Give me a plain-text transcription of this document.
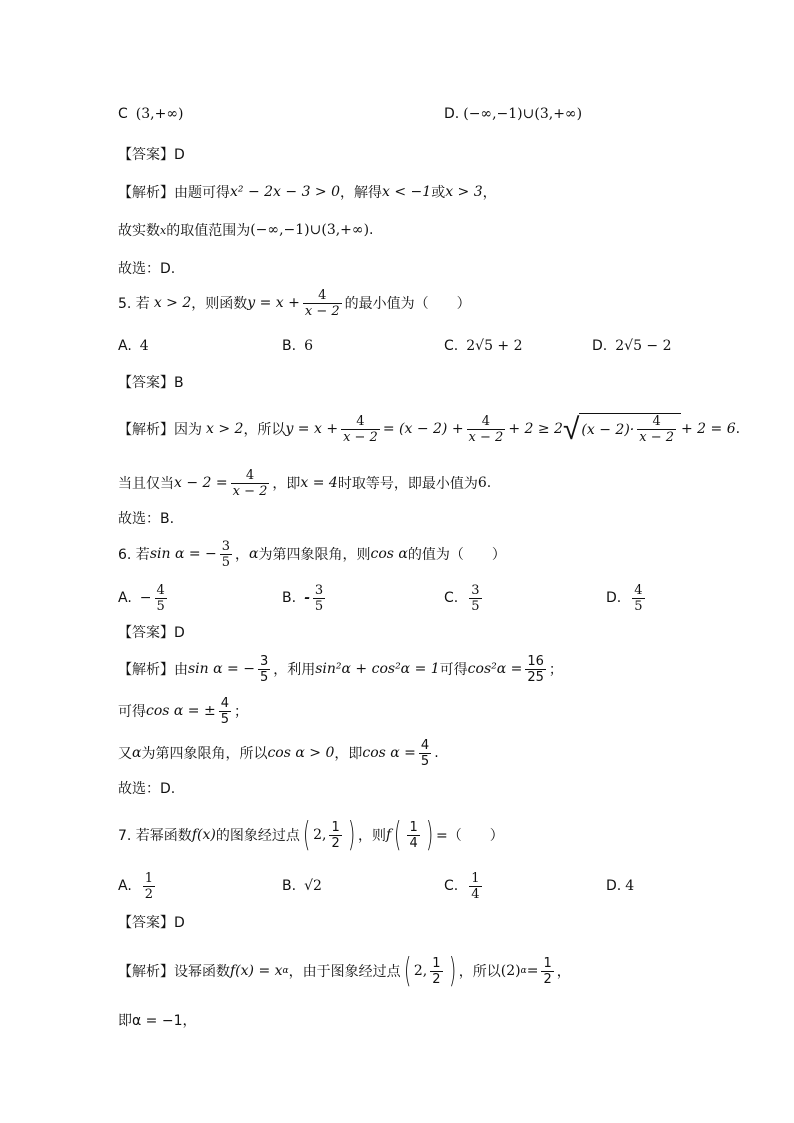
C (3,+∞)	D. (−∞,−1)∪(3,+∞)
【答案】D
【解析】 由题可得 x² − 2x − 3 > 0 ，解得 x < −1 或 x > 3 ，
故实数 x 的取值范围为 (−∞,−1)∪(3,+∞) .
故选：D.
5. 若 x > 2 ，则函数 $y = x + \frac{4}{x - 2}$ 的最小值为（　　）
A. 4	B. 6	C. 2√5 + 2	D. 2√5 − 2
【答案】B
【解析】 因为 x > 2 ，所以 $y = x + \frac{4}{x - 2} = (x - 2) + \frac{4}{x - 2} + 2 \ge 2$ √ $(x - 2)\cdot \frac{4}{x - 2} + 2 = 6$ .
当且仅当 $x - 2 = \frac{4}{x - 2}$ ，即 x = 4 时取等号，即最小值为 6 .
故选：B.
6. 若 sin α = − $\frac{3}{5}$ ， α 为第四象限角，则 cos α 的值为（　　）
A. − $\frac{4}{5}$	B. - $\frac{3}{5}$	C. $\frac{3}{5}$	D. $\frac{4}{5}$
【答案】D
【解析】 由 sin α = − $\frac{3}{5}$ ，利用 sin²α + cos²α = 1 可得 $\cos^2\alpha = \frac{16}{25}$ ；
可得 cos α = ± $\frac{4}{5}$ ；
又 α 为第四象限角，所以 cos α > 0 ，即 $\cos \alpha = \frac{4}{5}$ .
故选：D.
7. 若幂函数 f(x) 的图象经过点 ( 2, $\frac{1}{2}$ ) ，则 f ( $\frac{1}{4}$ ) =（　　）
A. $\frac{1}{2}$	B. √2	C. $\frac{1}{4}$	D. 4
【答案】D
【解析】 设幂函数 f(x) = x α ，由于图象经过点 ( 2, $\frac{1}{2}$ ) ，所以 (2) $\alpha = \frac{1}{2}$ ，
即α = −1，
